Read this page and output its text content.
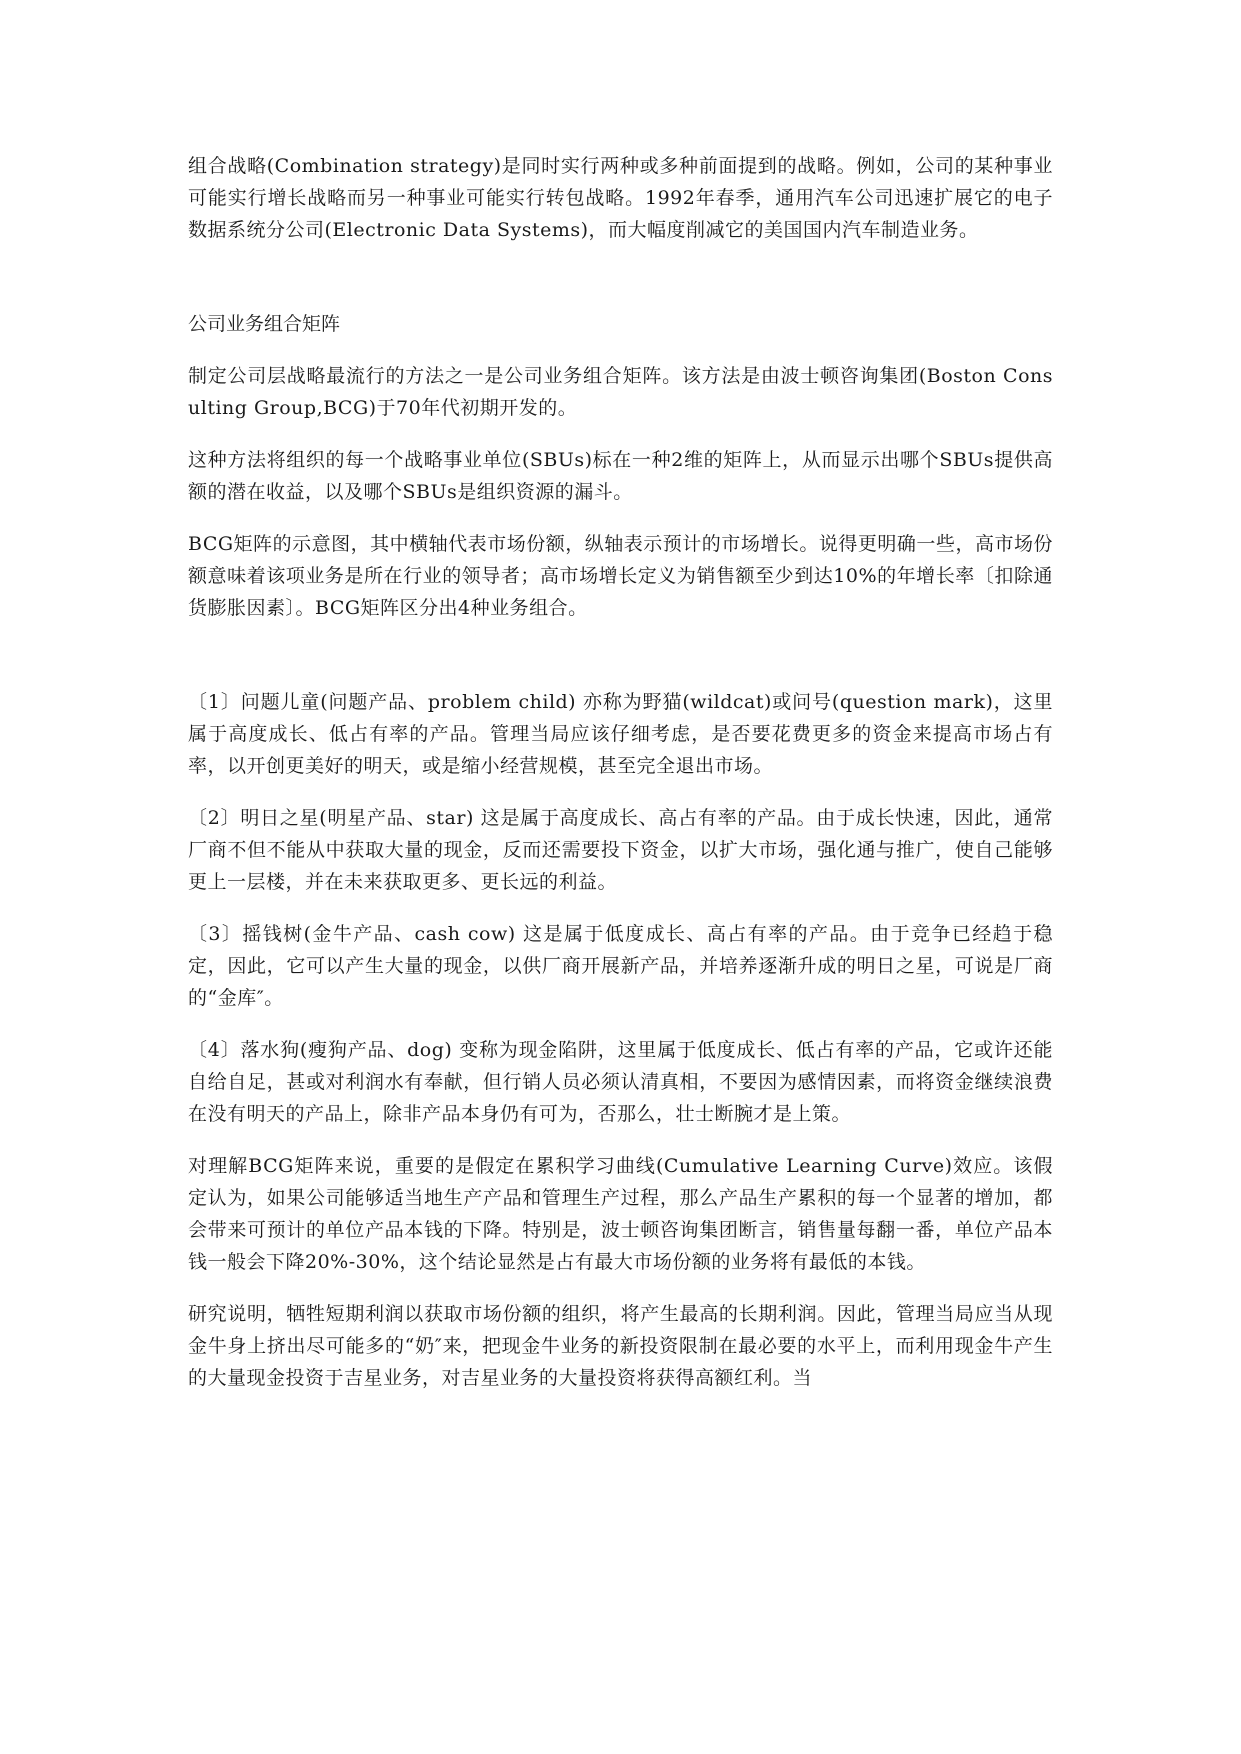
组合战略(Combination strategy)是同时实行两种或多种前面提到的战略。例如，公司的某种事业可能实行增长战略而另一种事业可能实行转包战略。1992年春季，通用汽车公司迅速扩展它的电子数据系统分公司(Electronic Data Systems)，而大幅度削减它的美国国内汽车制造业务。

公司业务组合矩阵

制定公司层战略最流行的方法之一是公司业务组合矩阵。该方法是由波士顿咨询集团(Boston Consulting Group,BCG)于70年代初期开发的。

这种方法将组织的每一个战略事业单位(SBUs)标在一种2维的矩阵上，从而显示出哪个SBUs提供高额的潜在收益，以及哪个SBUs是组织资源的漏斗。

BCG矩阵的示意图，其中横轴代表市场份额，纵轴表示预计的市场增长。说得更明确一些，高市场份额意味着该项业务是所在行业的领导者；高市场增长定义为销售额至少到达10%的年增长率〔扣除通货膨胀因素〕。BCG矩阵区分出4种业务组合。

〔1〕问题儿童(问题产品、problem child) 亦称为野猫(wildcat)或问号(question mark)，这里属于高度成长、低占有率的产品。管理当局应该仔细考虑，是否要花费更多的资金来提高市场占有率，以开创更美好的明天，或是缩小经营规模，甚至完全退出市场。

〔2〕明日之星(明星产品、star) 这是属于高度成长、高占有率的产品。由于成长快速，因此，通常厂商不但不能从中获取大量的现金，反而还需要投下资金，以扩大市场，强化通与推广，使自己能够更上一层楼，并在未来获取更多、更长远的利益。

〔3〕摇钱树(金牛产品、cash cow) 这是属于低度成长、高占有率的产品。由于竞争已经趋于稳定，因此，它可以产生大量的现金，以供厂商开展新产品，并培养逐渐升成的明日之星，可说是厂商的“金库″。

〔4〕落水狗(瘦狗产品、dog) 变称为现金陷阱，这里属于低度成长、低占有率的产品，它或许还能自给自足，甚或对利润水有奉献，但行销人员必须认清真相，不要因为感情因素，而将资金继续浪费在没有明天的产品上，除非产品本身仍有可为，否那么，壮士断腕才是上策。

对理解BCG矩阵来说，重要的是假定在累积学习曲线(Cumulative Learning Curve)效应。该假定认为，如果公司能够适当地生产产品和管理生产过程，那么产品生产累积的每一个显著的增加，都会带来可预计的单位产品本钱的下降。特别是，波士顿咨询集团断言，销售量每翻一番，单位产品本钱一般会下降20%-30%，这个结论显然是占有最大市场份额的业务将有最低的本钱。

研究说明，牺牲短期利润以获取市场份额的组织，将产生最高的长期利润。因此，管理当局应当从现金牛身上挤出尽可能多的“奶″来，把现金牛业务的新投资限制在最必要的水平上，而利用现金牛产生的大量现金投资于吉星业务，对吉星业务的大量投资将获得高额红利。当
